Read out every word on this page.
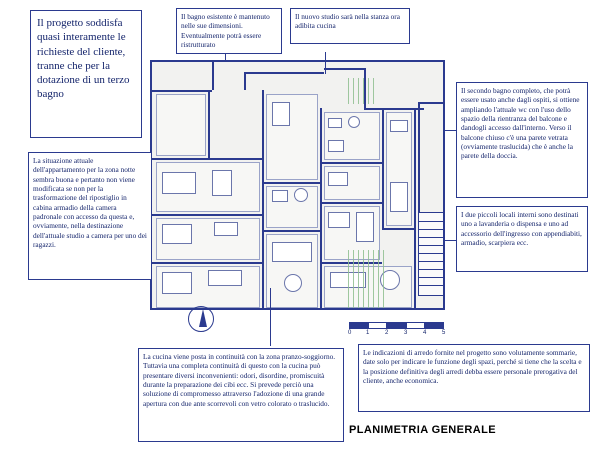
0 1	2	3	4	5
Il progetto soddisfa quasi interamente le richieste del cliente, tranne che per la dotazione di un terzo bagno
Il bagno esistente è mantenuto nelle sue dimensioni. Eventualmente potrà essere ristrutturato
Il nuovo studio sarà nella stanza ora adibita cucina
Il secondo bagno completo, che potrà essere usato anche dagli ospiti, si ottiene ampliando l'attuale wc con l'uso dello spazio della rientranza del balcone e dandogli accesso dall'interno. Verso il balcone chiuso c'è una parete vetrata (ovviamente traslucida) che è anche la parete della doccia.
I due piccoli locali interni sono destinati uno a lavanderia o dispensa e uno ad accessorio dell'ingresso con appendiabiti, armadio, scarpiera ecc.
La situazione attuale dell'appartamento per la zona notte sembra buona e pertanto non viene modificata se non per la trasformazione del ripostiglio in cabina armadio della camera padronale con accesso da questa e, ovviamente, nella destinazione dell'attuale studio a camera per uno dei ragazzi.
La cucina viene posta in continuità con la zona pranzo-soggiorno. Tuttavia una completa continuità di questo con la cucina può presentare diversi inconvenienti: odori, disordine, promiscuità durante la preparazione dei cibi ecc. Si prevede perciò una soluzione di compromesso attraverso l'adozione di una grande apertura con due ante scorrevoli con vetro colorato o traslucido.
Le indicazioni di arredo fornite nel progetto sono volutamente sommarie, date solo per indicare le funzione degli spazi, perché si tiene che la scelta e la posizione definitiva degli arredi debba essere personale prerogativa del cliente, anche economica.
PLANIMETRIA GENERALE
